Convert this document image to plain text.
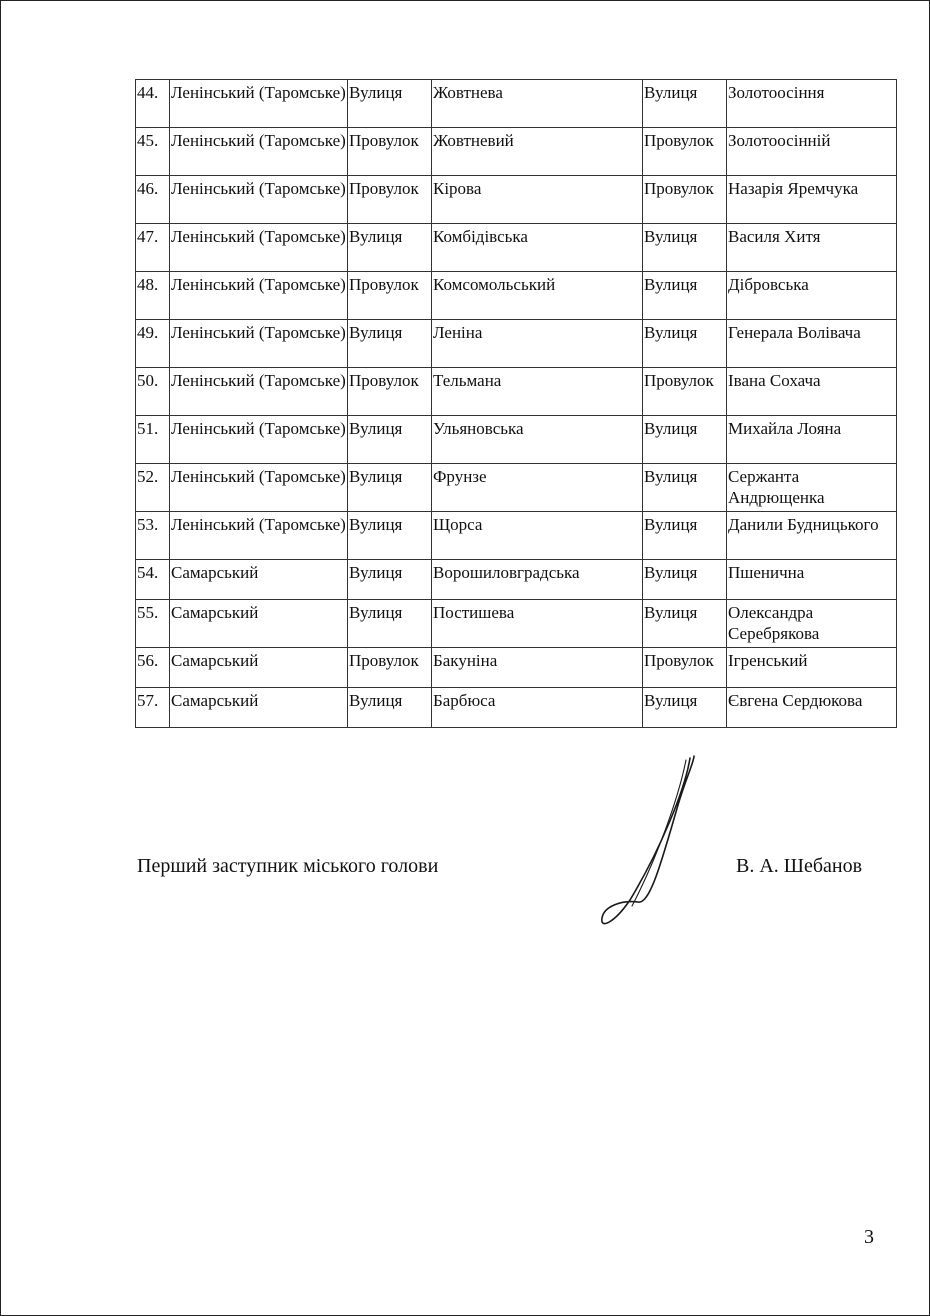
44.	Ленінський (Таромське)	Вулиця	Жовтнева	Вулиця	Золотоосіння
45.	Ленінський (Таромське)	Провулок	Жовтневий	Провулок	Золотоосінній
46.	Ленінський (Таромське)	Провулок	Кірова	Провулок	Назарія Яремчука
47.	Ленінський (Таромське)	Вулиця	Комбідівська	Вулиця	Василя Хитя
48.	Ленінський (Таромське)	Провулок	Комсомольський	Вулиця	Дібровська
49.	Ленінський (Таромське)	Вулиця	Леніна	Вулиця	Генерала Волівача
50.	Ленінський (Таромське)	Провулок	Тельмана	Провулок	Івана Сохача
51.	Ленінський (Таромське)	Вулиця	Ульяновська	Вулиця	Михайла Лояна
52.	Ленінський (Таромське)	Вулиця	Фрунзе	Вулиця	Сержанта Андрющенка
53.	Ленінський (Таромське)	Вулиця	Щорса	Вулиця	Данили Будницького
54.	Самарський	Вулиця	Ворошиловградська	Вулиця	Пшенична
55.	Самарський	Вулиця	Постишева	Вулиця	Олександра Серебрякова
56.	Самарський	Провулок	Бакуніна	Провулок	Ігренський
57.	Самарський	Вулиця	Барбюса	Вулиця	Євгена Сердюкова
Перший заступник міського голови	В. А. Шебанов
3
